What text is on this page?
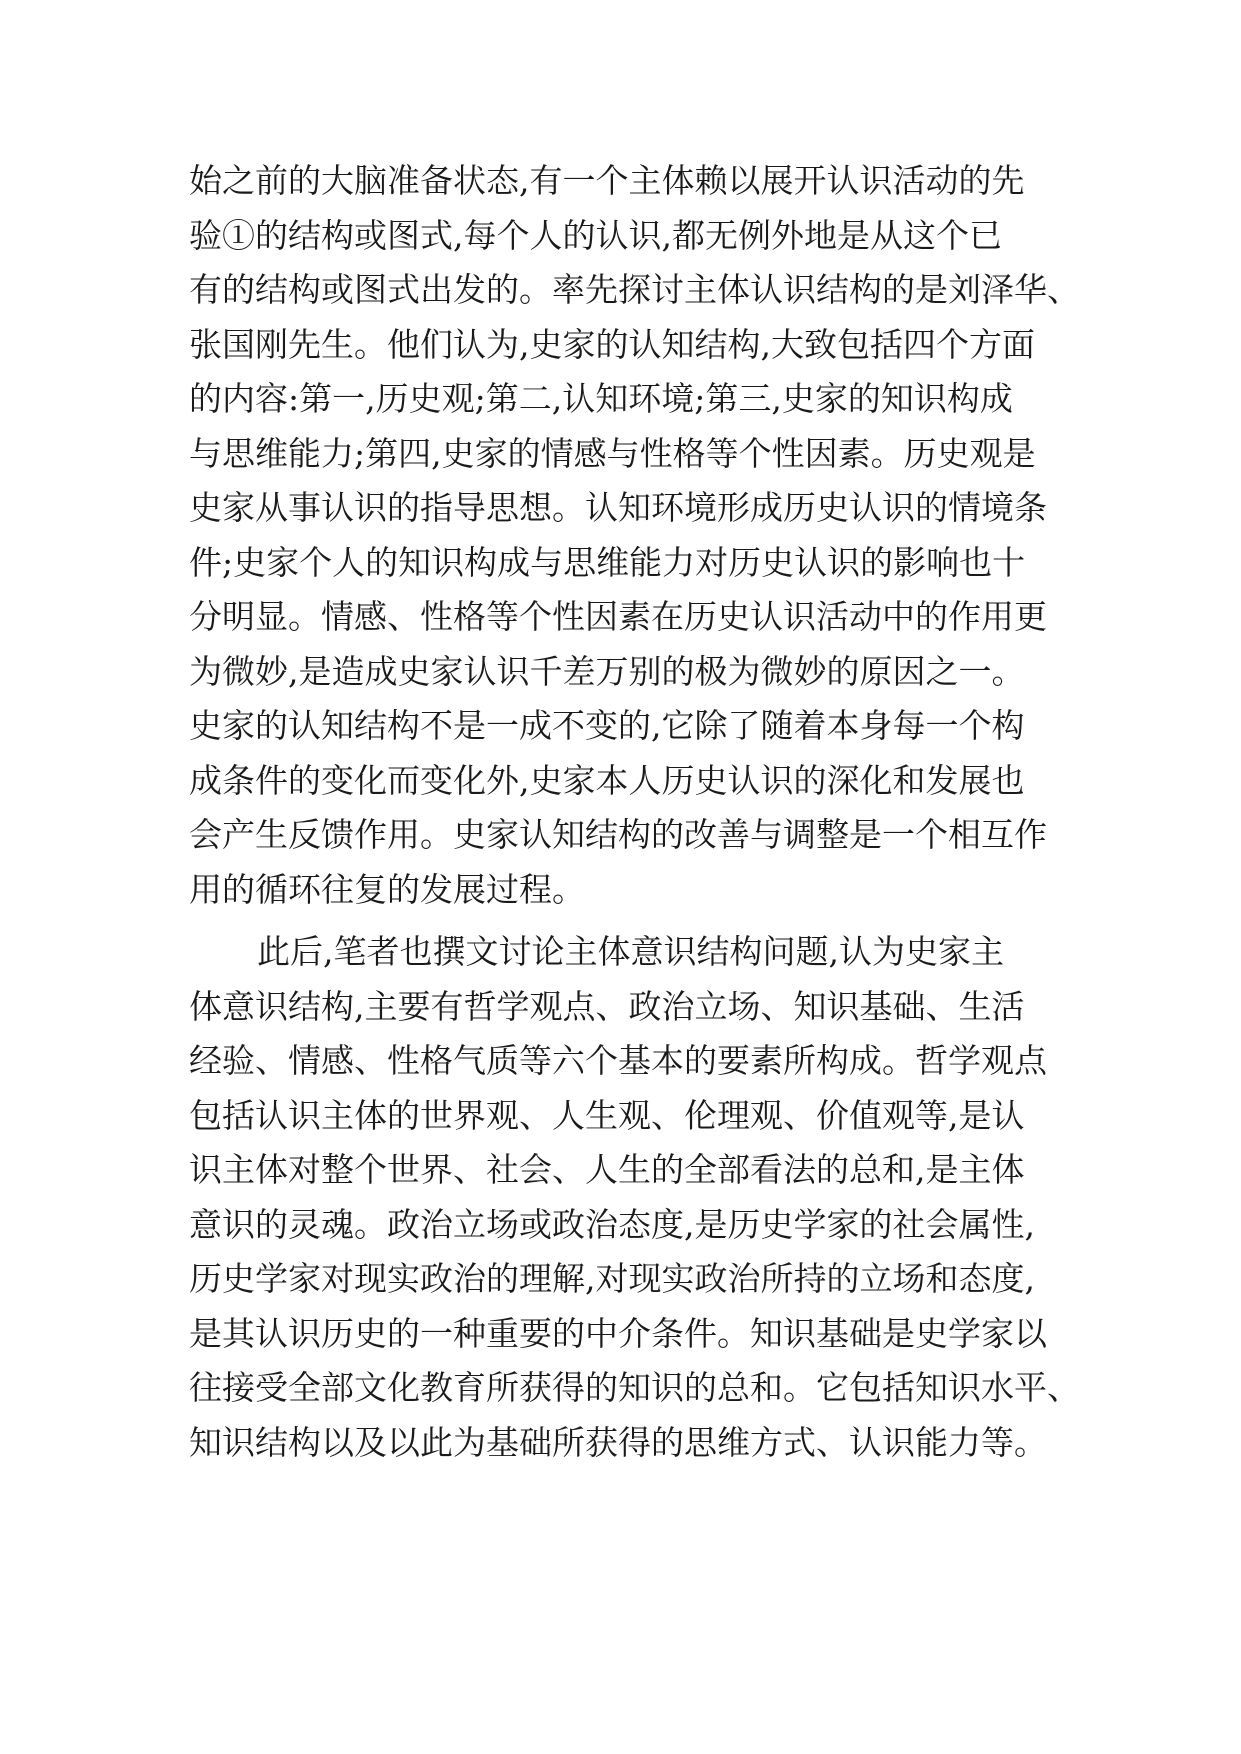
始之前的大脑准备状态,有一个主体赖以展开认识活动的先
验①的结构或图式,每个人的认识,都无例外地是从这个已
有的结构或图式出发的。率先探讨主体认识结构的是刘泽华、
张国刚先生。他们认为,史家的认知结构,大致包括四个方面
的内容:第一,历史观;第二,认知环境;第三,史家的知识构成
与思维能力;第四,史家的情感与性格等个性因素。历史观是
史家从事认识的指导思想。认知环境形成历史认识的情境条
件;史家个人的知识构成与思维能力对历史认识的影响也十
分明显。情感、性格等个性因素在历史认识活动中的作用更
为微妙,是造成史家认识千差万别的极为微妙的原因之一。
史家的认知结构不是一成不变的,它除了随着本身每一个构
成条件的变化而变化外,史家本人历史认识的深化和发展也
会产生反馈作用。史家认知结构的改善与调整是一个相互作
用的循环往复的发展过程。
此后,笔者也撰文讨论主体意识结构问题,认为史家主
体意识结构,主要有哲学观点、政治立场、知识基础、生活
经验、情感、性格气质等六个基本的要素所构成。哲学观点
包括认识主体的世界观、人生观、伦理观、价值观等,是认
识主体对整个世界、社会、人生的全部看法的总和,是主体
意识的灵魂。政治立场或政治态度,是历史学家的社会属性,
历史学家对现实政治的理解,对现实政治所持的立场和态度,
是其认识历史的一种重要的中介条件。知识基础是史学家以
往接受全部文化教育所获得的知识的总和。它包括知识水平、
知识结构以及以此为基础所获得的思维方式、认识能力等。
